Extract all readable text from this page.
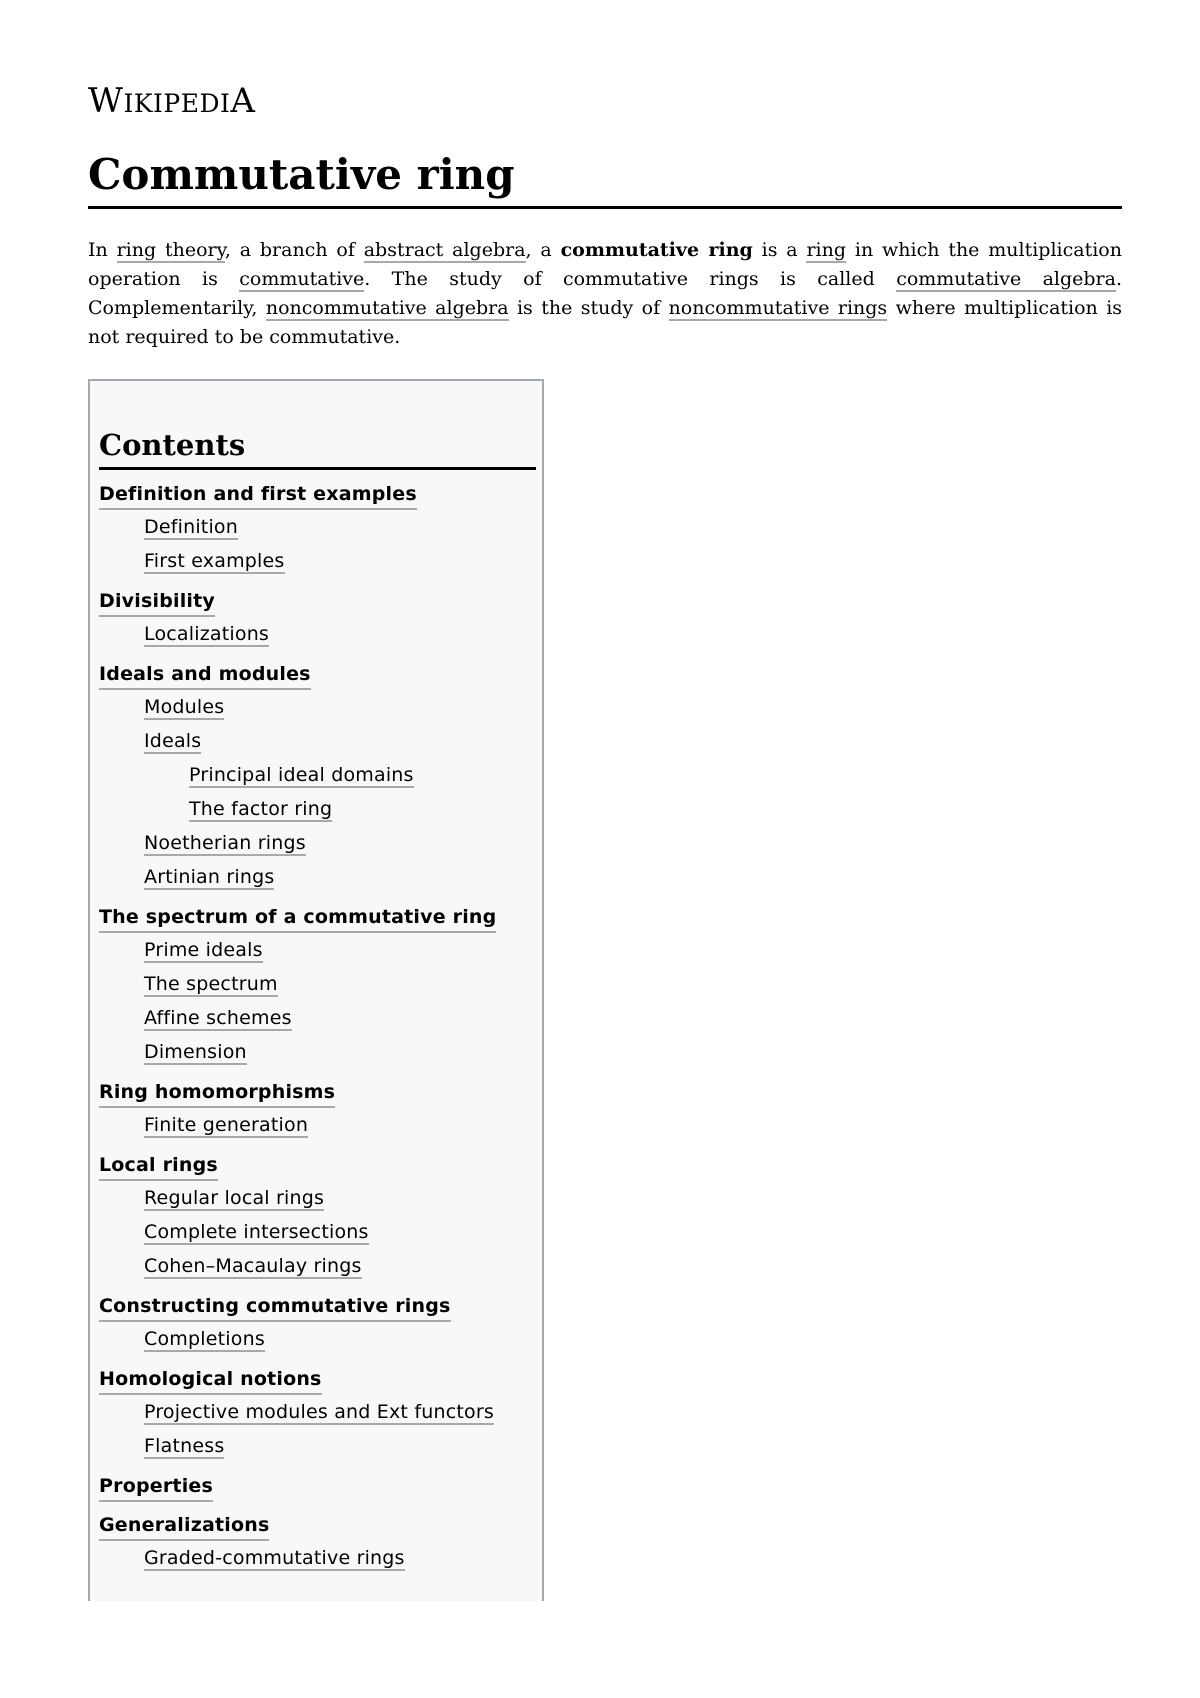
WIKIPEDIA
Commutative ring

In ring theory, a branch of abstract algebra, a commutative ring is a ring in which the multiplication operation is commutative. The study of commutative rings is called commutative algebra. Complementarily, noncommutative algebra is the study of noncommutative rings where multiplication is not required to be commutative.

Contents
Definition and first examples
Definition
First examples
Divisibility
Localizations
Ideals and modules
Modules
Ideals
Principal ideal domains
The factor ring
Noetherian rings
Artinian rings
The spectrum of a commutative ring
Prime ideals
The spectrum
Affine schemes
Dimension
Ring homomorphisms
Finite generation
Local rings
Regular local rings
Complete intersections
Cohen–Macaulay rings
Constructing commutative rings
Completions
Homological notions
Projective modules and Ext functors
Flatness
Properties
Generalizations
Graded-commutative rings
